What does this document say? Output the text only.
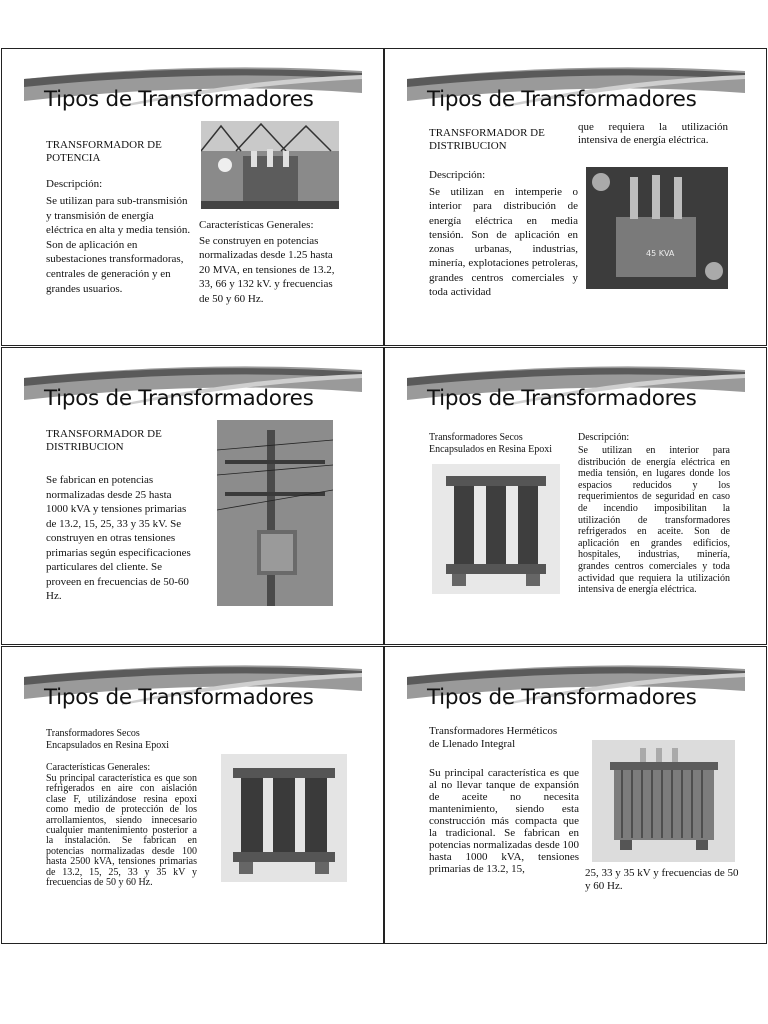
Tipos de Transformadores
TRANSFORMADOR DE POTENCIA
Descripción:
Se utilizan para sub-transmisión y transmisión de energía eléctrica en alta y media tensión. Son de aplicación en subestaciones transformadoras, centrales de generación y en grandes usuarios.
Características Generales:
Se construyen en potencias normalizadas desde 1.25 hasta 20 MVA, en tensiones de 13.2, 33, 66 y 132 kV. y frecuencias de 50 y 60 Hz.
Tipos de Transformadores
TRANSFORMADOR DE DISTRIBUCION
Descripción:
Se utilizan en intemperie o interior para distribución de energía eléctrica en media tensión. Son de aplicación en zonas urbanas, industrias, minería, explotaciones petroleras, grandes centros comerciales y toda actividad
que requiera la utilización intensiva de energía eléctrica.
45 KVA
Tipos de Transformadores
TRANSFORMADOR DE DISTRIBUCION
Se fabrican en potencias normalizadas desde 25 hasta 1000 kVA y tensiones primarias de 13.2, 15, 25, 33 y 35 kV. Se construyen en otras tensiones primarias según especificaciones particulares del cliente. Se proveen en frecuencias de 50-60 Hz.
Tipos de Transformadores
Transformadores Secos Encapsulados en Resina Epoxi
Descripción:
Se utilizan en interior para distribución de energía eléctrica en media tensión, en lugares donde los espacios reducidos y los requerimientos de seguridad en caso de incendio imposibilitan la utilización de transformadores refrigerados en aceite. Son de aplicación en grandes edificios, hospitales, industrias, minería, grandes centros comerciales y toda actividad que requiera la utilización intensiva de energía eléctrica.
Tipos de Transformadores
Transformadores Secos Encapsulados en Resina Epoxi
Características Generales:
Su principal característica es que son refrigerados en aire con aislación clase F, utilizándose resina epoxi como medio de protección de los arrollamientos, siendo innecesario cualquier mantenimiento posterior a la instalación. Se fabrican en potencias normalizadas desde 100 hasta 2500 kVA, tensiones primarias de 13.2, 15, 25, 33 y 35 kV y frecuencias de 50 y 60 Hz.
Tipos de Transformadores
Transformadores Herméticos de Llenado Integral
Su principal característica es que al no llevar tanque de expansión de aceite no necesita mantenimiento, siendo esta construcción más compacta que la tradicional. Se fabrican en potencias normalizadas desde 100 hasta 1000 kVA, tensiones primarias de 13.2, 15,	25, 33 y 35 kV y frecuencias de 50 y 60 Hz.
